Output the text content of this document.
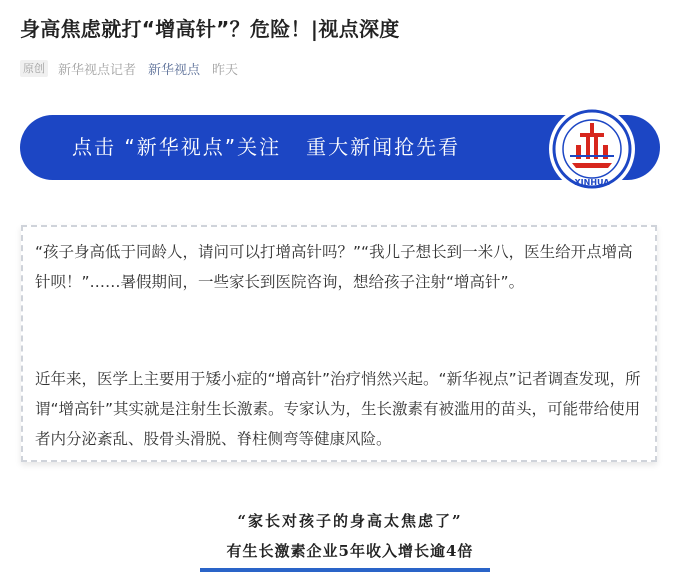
身高焦虑就打“增高针”？危险！|视点深度
原创 新华视点记者 新华视点 昨天
点击 “新华视点”关注   重大新闻抢先看
XINHUA
“孩子身高低于同龄人，请问可以打增高针吗？”“我儿子想长到一米八，医生给开点增高针呗！”……暑假期间，一些家长到医院咨询，想给孩子注射“增高针”。
近年来，医学上主要用于矮小症的“增高针”治疗悄然兴起。“新华视点”记者调查发现，所谓“增高针”其实就是注射生长激素。专家认为，生长激素有被滥用的苗头，可能带给使用者内分泌紊乱、股骨头滑脱、脊柱侧弯等健康风险。
“家长对孩子的身高太焦虑了”
有生长激素企业5年收入增长逾4倍
